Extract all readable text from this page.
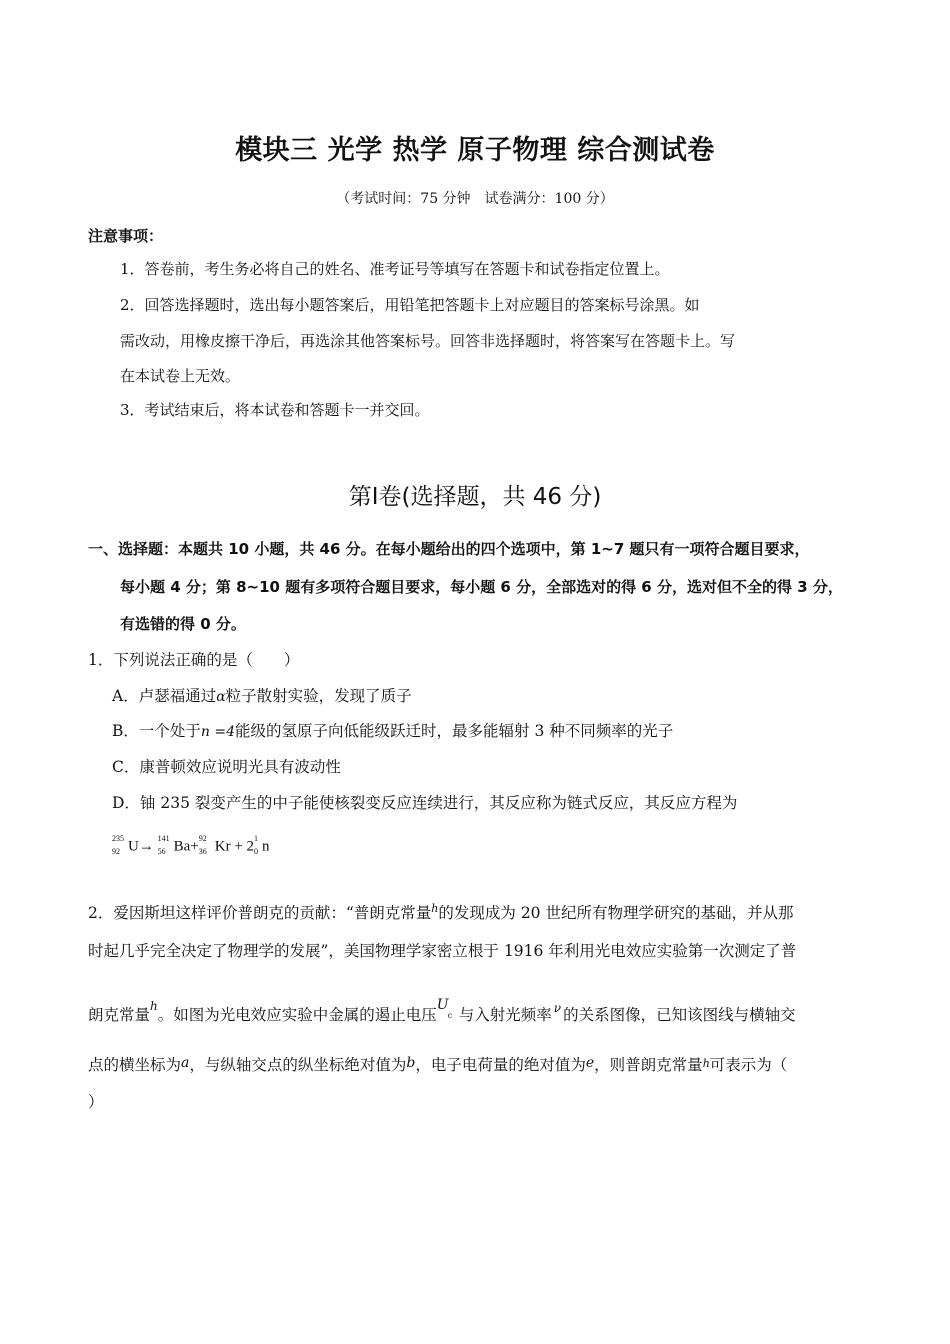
模块三 光学 热学 原子物理 综合测试卷
（考试时间：75 分钟　试卷满分：100 分）
注意事项：
1．答卷前，考生务必将自己的姓名、准考证号等填写在答题卡和试卷指定位置上。
2．回答选择题时，选出每小题答案后，用铅笔把答题卡上对应题目的答案标号涂黑。如
需改动，用橡皮擦干净后，再选涂其他答案标号。回答非选择题时，将答案写在答题卡上。写
在本试卷上无效。
3．考试结束后，将本试卷和答题卡一并交回。
第Ⅰ卷(选择题，共 46 分)
一、选择题：本题共 10 小题，共 46 分。在每小题给出的四个选项中，第 1~7 题只有一项符合题目要求，
每小题 4 分；第 8~10 题有多项符合题目要求，每小题 6 分，全部选对的得 6 分，选对但不全的得 3 分，
有选错的得 0 分。
1．下列说法正确的是（　　）
A．卢瑟福通过α粒子散射实验，发现了质子
B．一个处于n =4能级的氢原子向低能级跃迁时，最多能辐射 3 种不同频率的光子
C．康普顿效应说明光具有波动性
D．铀 235 裂变产生的中子能使核裂变反应连续进行，其反应称为链式反应，其反应方程为
235
92 U→ 141
56 Ba+ 92
36 Kr + 2 1
0 n
2．爱因斯坦这样评价普朗克的贡献：“普朗克常量$^h$的发现成为 20 世纪所有物理学研究的基础，并从那
时起几乎完全决定了物理学的发展”，美国物理学家密立根于 1916 年利用光电效应实验第一次测定了普
朗克常量$^h$。如图为光电效应实验中金属的遏止电压
U
c 与入射光频率 $^\nu$ 的关系图像，已知该图线与横轴交
点的横坐标为a，与纵轴交点的纵坐标绝对值为b，电子电荷量的绝对值为e，则普朗克常量h可表示为（
）
